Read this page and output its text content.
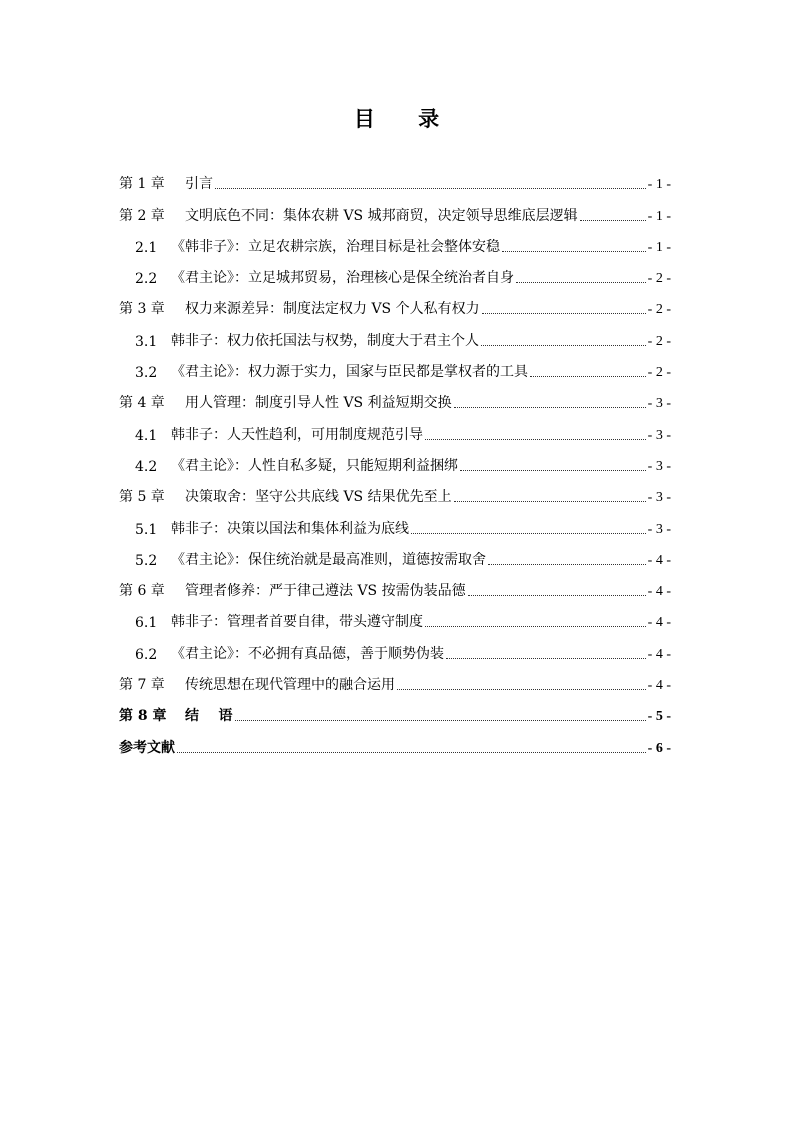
目 录
第 1 章	引言	- 1 -
第 2 章	文明底色不同：集体农耕 VS 城邦商贸，决定领导思维底层逻辑	- 1 -
2.1 《韩非子》：立足农耕宗族，治理目标是社会整体安稳	- 1 -
2.2 《君主论》：立足城邦贸易，治理核心是保全统治者自身	- 2 -
第 3 章	权力来源差异：制度法定权力 VS 个人私有权力	- 2 -
3.1 韩非子：权力依托国法与权势，制度大于君主个人	- 2 -
3.2 《君主论》：权力源于实力，国家与臣民都是掌权者的工具	- 2 -
第 4 章	用人管理：制度引导人性 VS 利益短期交换	- 3 -
4.1 韩非子：人天性趋利，可用制度规范引导	- 3 -
4.2 《君主论》：人性自私多疑，只能短期利益捆绑	- 3 -
第 5 章	决策取舍：坚守公共底线 VS 结果优先至上	- 3 -
5.1 韩非子：决策以国法和集体利益为底线	- 3 -
5.2 《君主论》：保住统治就是最高准则，道德按需取舍	- 4 -
第 6 章	管理者修养：严于律己遵法 VS 按需伪装品德	- 4 -
6.1 韩非子：管理者首要自律，带头遵守制度	- 4 -
6.2 《君主论》：不必拥有真品德，善于顺势伪装	- 4 -
第 7 章	传统思想在现代管理中的融合运用	- 4 -
第 8 章	结    语	- 5 -
参考文献	- 6 -
